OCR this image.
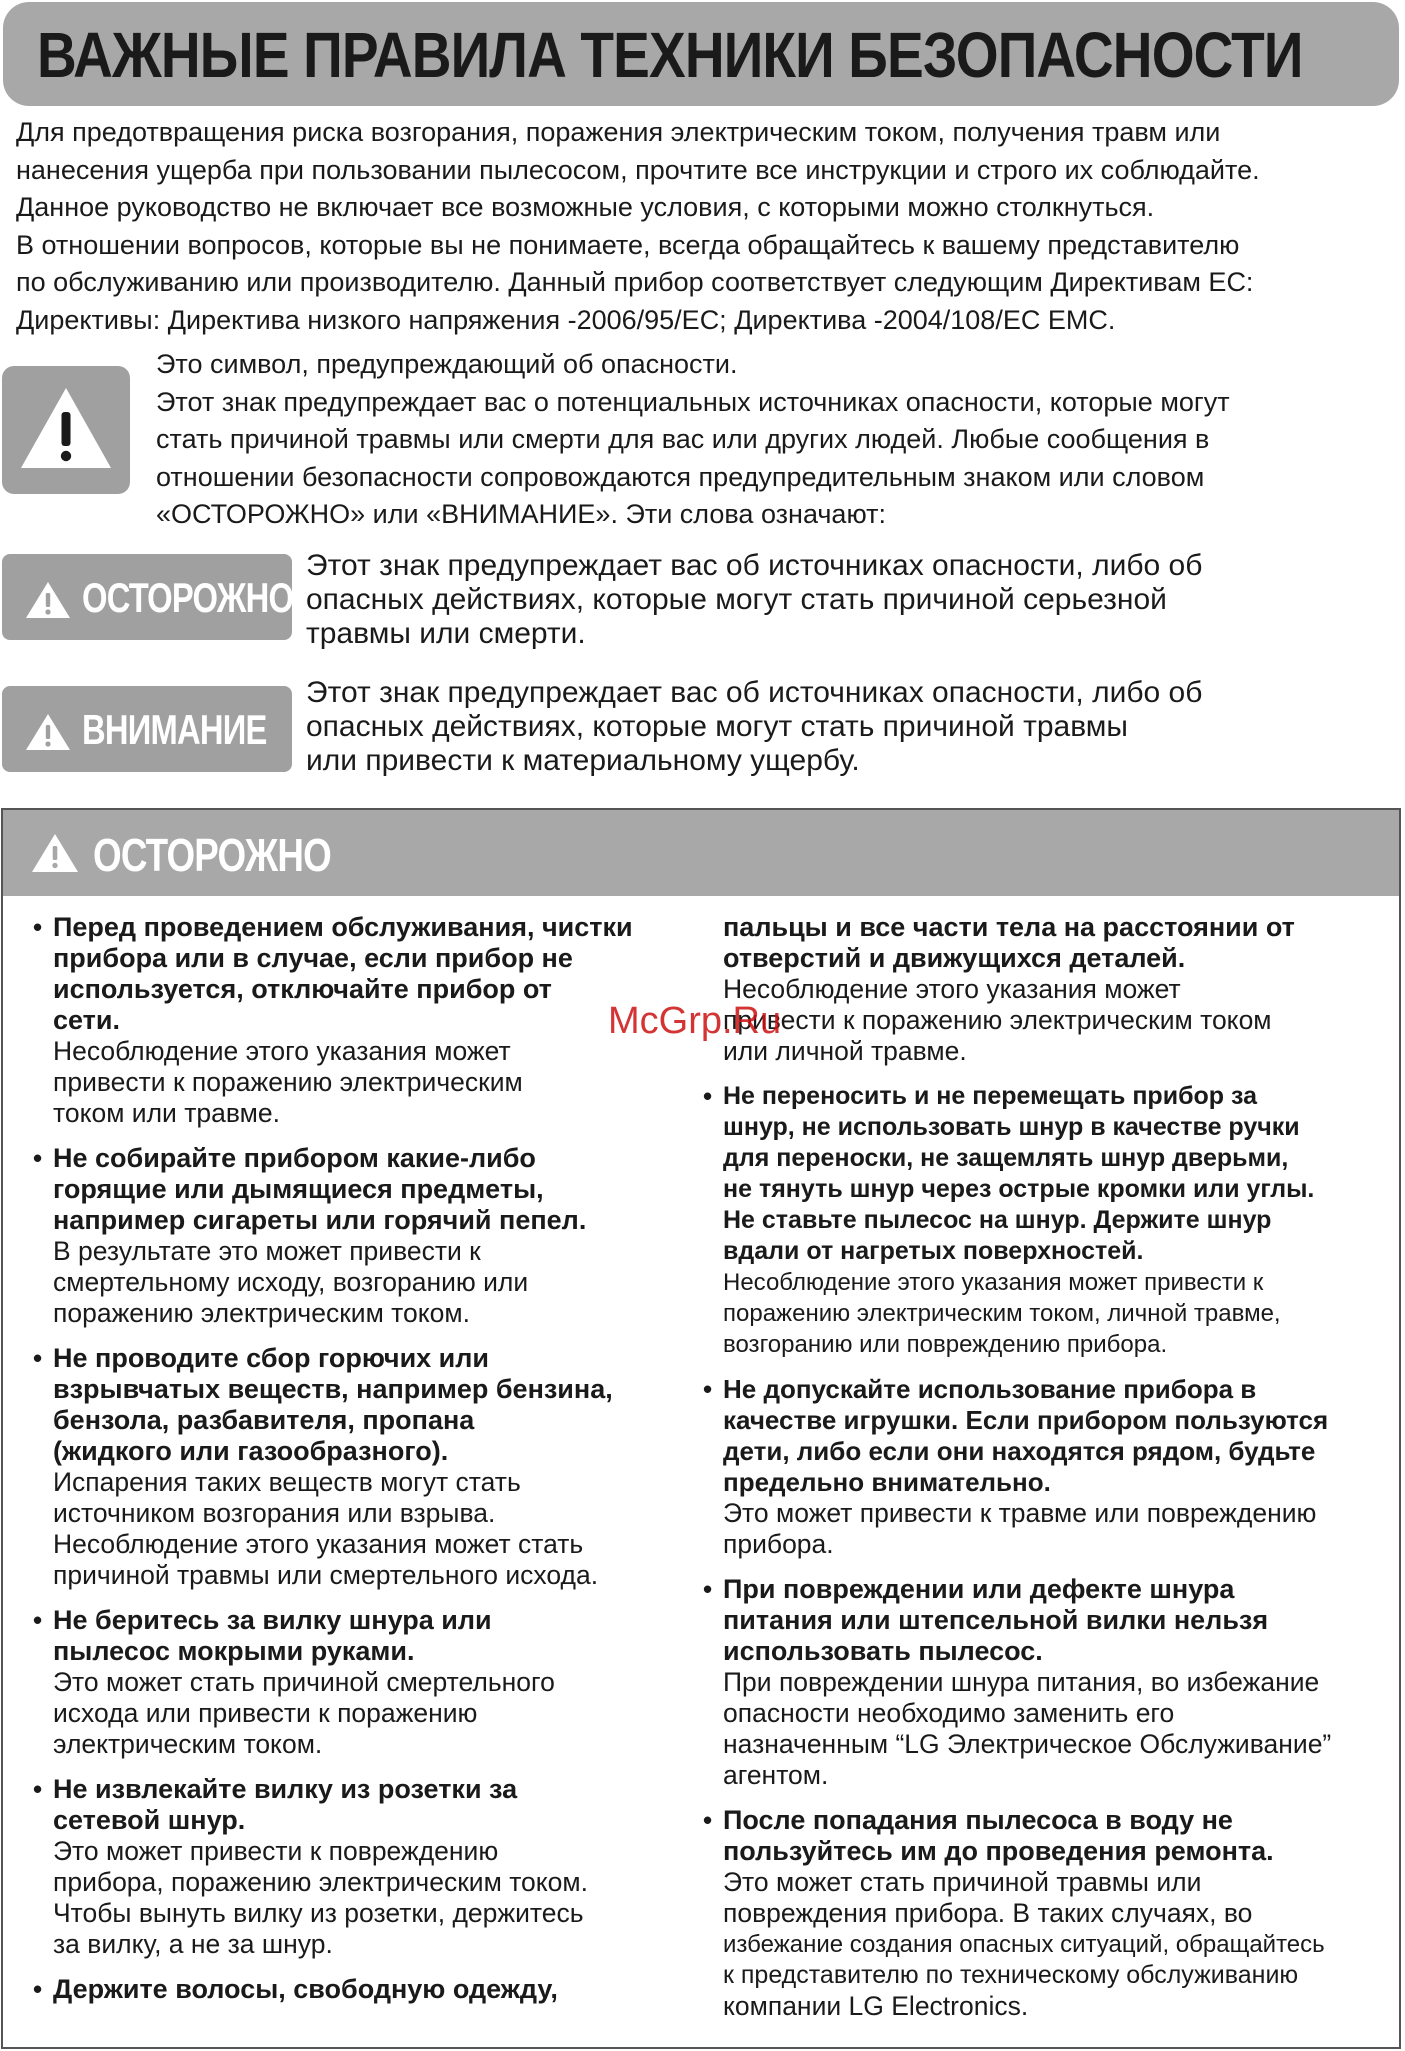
ВАЖНЫЕ ПРАВИЛА ТЕХНИКИ БЕЗОПАСНОСТИ

Для предотвращения риска возгорания, поражения электрическим током, получения травм или

нанесения ущерба при пользовании пылесосом, прочтите все инструкции и строго их соблюдайте.

Данное руководство не включает все возможные условия, с которыми можно столкнуться.

В отношении вопросов, которые вы не понимаете, всегда обращайтесь к вашему представителю

по обслуживанию или производителю. Данный прибор соответствует следующим Директивам ЕС:

Директивы: Директива низкого напряжения -2006/95/ЕС; Директива -2004/108/ЕС EMC.

Это символ, предупреждающий об опасности.

Этот знак предупреждает вас о потенциальных источниках опасности, которые могут

стать причиной травмы или смерти для вас или других людей. Любые сообщения в

отношении безопасности сопровождаются предупредительным знаком или словом

«ОСТОРОЖНО» или «ВНИМАНИЕ». Эти слова означают:

ОСТОРОЖНО

Этот знак предупреждает вас об источниках опасности, либо об

опасных действиях, которые могут стать причиной серьезной

травмы или смерти.

ВНИМАНИЕ

Этот знак предупреждает вас об источниках опасности, либо об

опасных действиях, которые могут стать причиной травмы

или привести к материальному ущербу.

ОСТОРОЖНО

• Перед проведением обслуживания, чистки

прибора или в случае, если прибор не

используется, отключайте прибор от

сети.

Несоблюдение этого указания может

привести к поражению электрическим

током или травме.

• Не собирайте прибором какие-либо

горящие или дымящиеся предметы,

например сигареты или горячий пепел.

В результате это может привести к

смертельному исходу, возгоранию или

поражению электрическим током.

• Не проводите сбор горючих или

взрывчатых веществ, например бензина,

бензола, разбавителя, пропана

(жидкого или газообразного).

Испарения таких веществ могут стать

источником возгорания или взрыва.

Несоблюдение этого указания может стать

причиной травмы или смертельного исхода.

• Не беритесь за вилку шнура или

пылесос мокрыми руками.

Это может стать причиной смертельного

исхода или привести к поражению

электрическим током.

• Не извлекайте вилку из розетки за

сетевой шнур.

Это может привести к повреждению

прибора, поражению электрическим током.

Чтобы вынуть вилку из розетки, держитесь

за вилку, а не за шнур.

• Держите волосы, свободную одежду,

пальцы и все части тела на расстоянии от

отверстий и движущихся деталей.

Несоблюдение этого указания может

привести к поражению электрическим током

или личной травме.

• Не переносить и не перемещать прибор за

шнур, не использовать шнур в качестве ручки

для переноски, не защемлять шнур дверьми,

не тянуть шнур через острые кромки или углы.

Не ставьте пылесос на шнур. Держите шнур

вдали от нагретых поверхностей.

Несоблюдение этого указания может привести к

поражению электрическим током, личной травме,

возгоранию или повреждению прибора.

• Не допускайте использование прибора в

качестве игрушки. Если прибором пользуются

дети, либо если они находятся рядом, будьте

предельно внимательно.

Это может привести к травме или повреждению

прибора.

• При повреждении или дефекте шнура

питания или штепсельной вилки нельзя

использовать пылесос.

При повреждении шнура питания, во избежание

опасности необходимо заменить его

назначенным “LG Электрическое Обслуживание”

агентом.

• После попадания пылесоса в воду не

пользуйтесь им до проведения ремонта.

Это может стать причиной травмы или

повреждения прибора. В таких случаях, во

избежание создания опасных ситуаций, обращайтесь

к представителю по техническому обслуживанию

компании LG Electronics.

McGrp.Ru
